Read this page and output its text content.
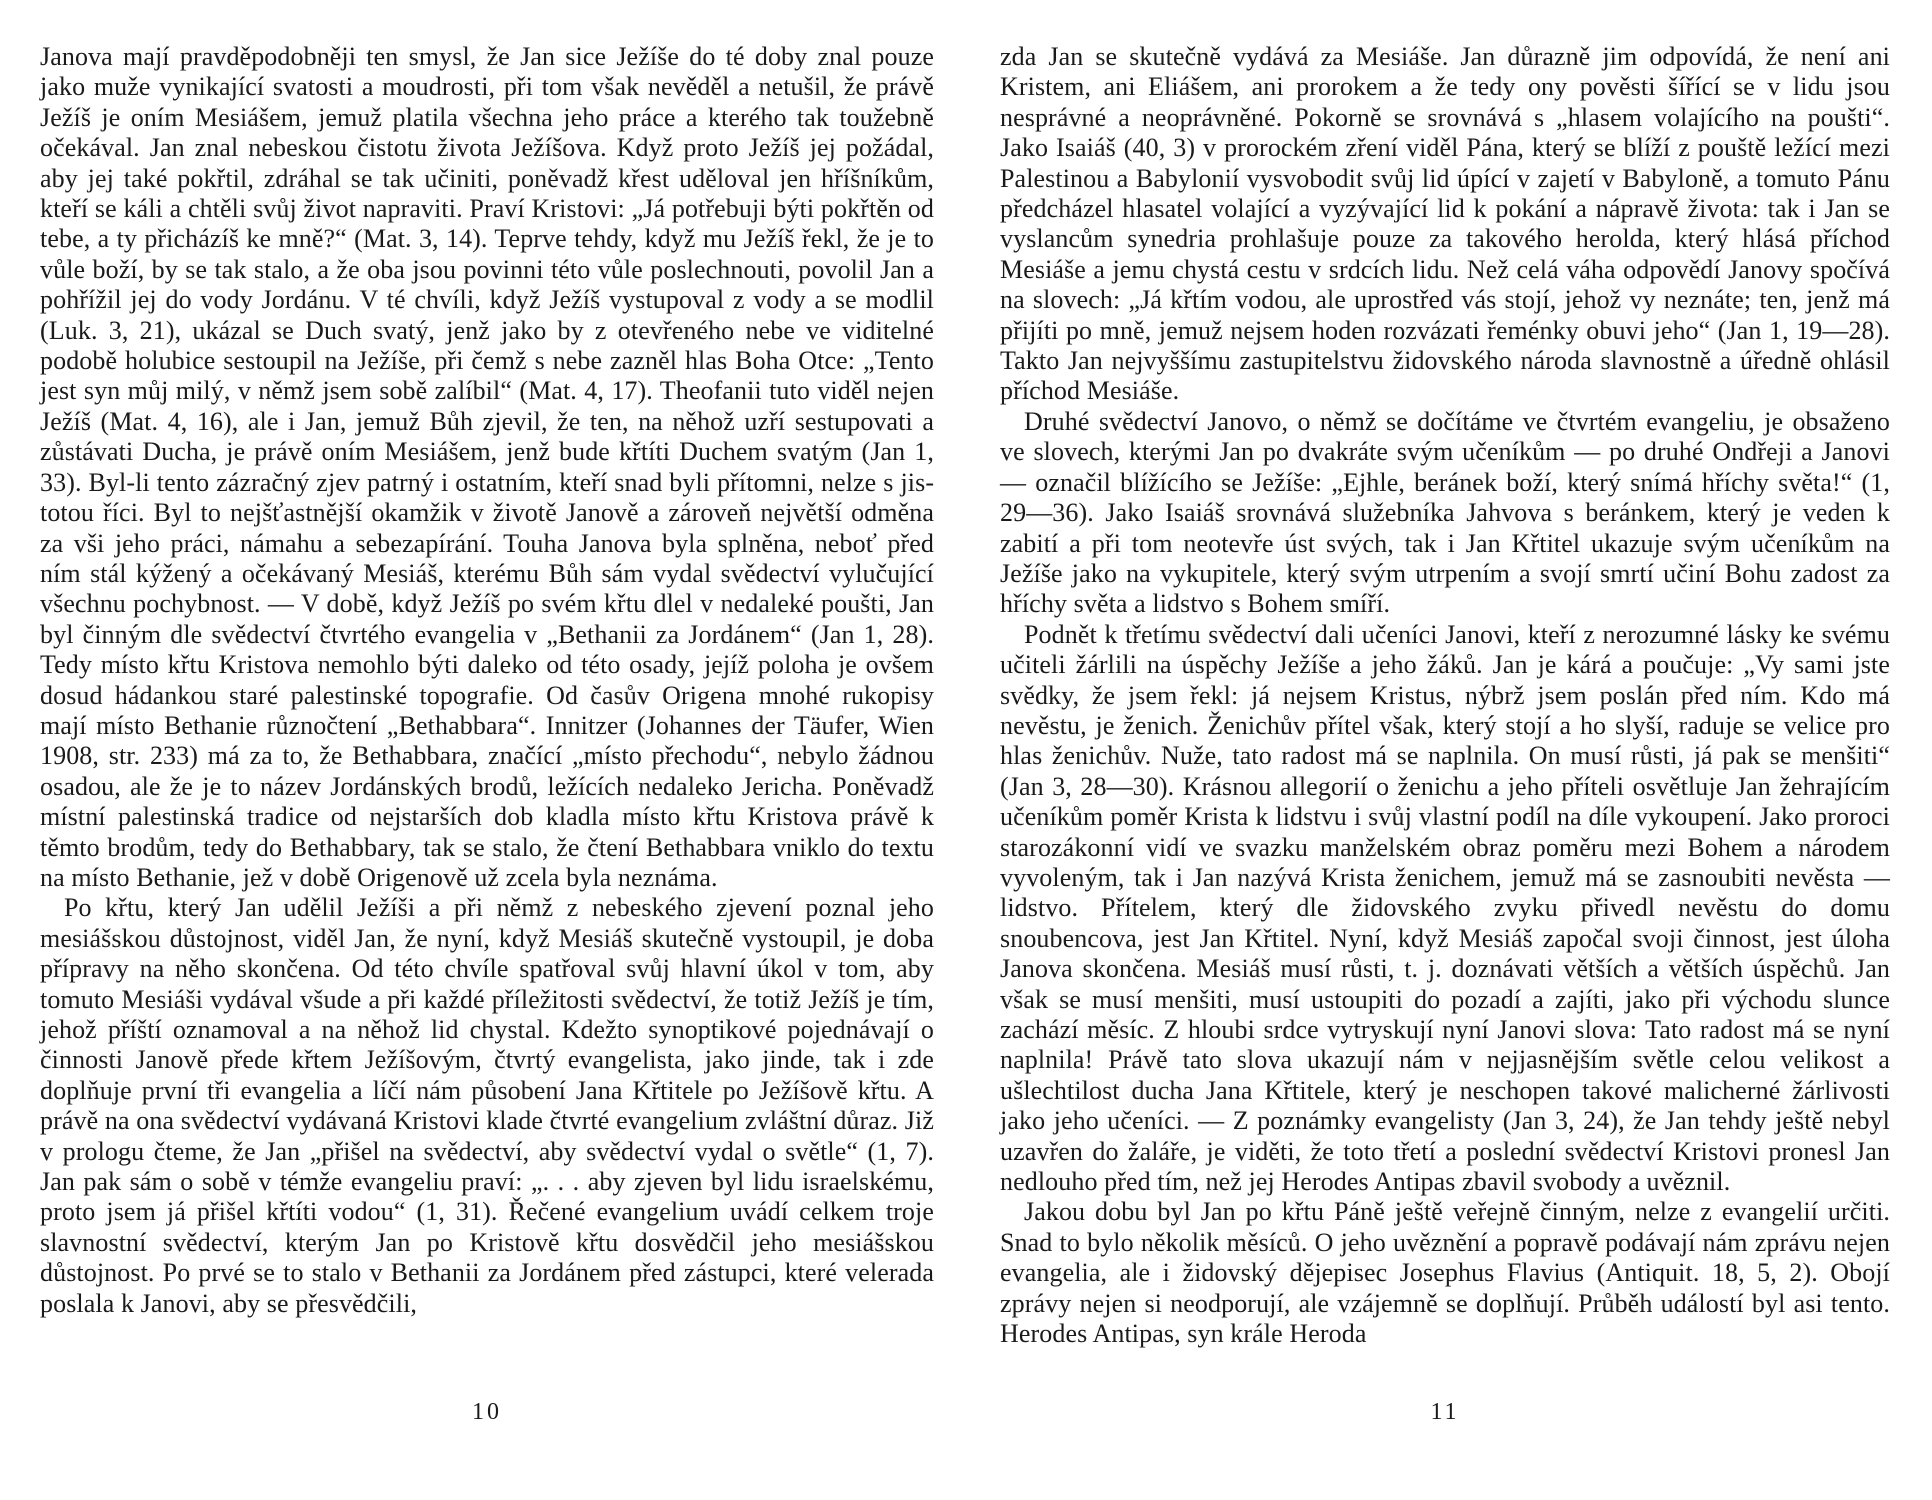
Janova mají pravděpodobněji ten smysl, že Jan sice Ježíše do té doby znal pouze jako muže vynikající svatosti a moudrosti, při tom však nevěděl a netušil, že právě Ježíš je oním Mesiášem, jemuž platila všechna jeho práce a kterého tak toužebně očekával. Jan znal nebeskou čistotu života Ježíšova. Když proto Ježíš jej požádal, aby jej také pokřtil, zdráhal se tak učiniti, poněvadž křest uděloval jen hříšníkům, kteří se káli a chtěli svůj život napraviti. Praví Kristovi: „Já potřebuji býti pokřtěn od tebe, a ty přicházíš ke mně?“ (Mat. 3, 14). Teprve tehdy, když mu Ježíš řekl, že je to vůle boží, by se tak stalo, a že oba jsou povinni této vůle poslechnouti, povolil Jan a pohřížil jej do vody Jordánu. V té chvíli, když Ježíš vystupoval z vody a se modlil (Luk. 3, 21), ukázal se Duch svatý, jenž jako by z otevřeného nebe ve viditelné podobě holubice sestoupil na Ježíše, při čemž s nebe zazněl hlas Boha Otce: „Tento jest syn můj milý, v němž jsem sobě zalíbil“ (Mat. 4, 17). Theofanii tuto viděl nejen Ježíš (Mat. 4, 16), ale i Jan, jemuž Bůh zjevil, že ten, na něhož uzří sestupovati a zůstávati Ducha, je právě oním Mesiášem, jenž bude křtíti Duchem svatým (Jan 1, 33). Byl-li tento zázračný zjev patrný i ostatním, kteří snad byli přítomni, nelze s jistotou říci. Byl to nejšťastnější okamžik v životě Janově a zároveň největší odměna za vši jeho práci, námahu a sebezapírání. Touha Janova byla splněna, neboť před ním stál kýžený a očekávaný Mesiáš, kterému Bůh sám vydal svědectví vylučující všechnu pochybnost. — V době, když Ježíš po svém křtu dlel v nedaleké poušti, Jan byl činným dle svědectví čtvrtého evangelia v „Bethanii za Jordánem“ (Jan 1, 28). Tedy místo křtu Kristova nemohlo býti daleko od této osady, jejíž poloha je ovšem dosud hádankou staré palestinské topografie. Od časův Origena mnohé rukopisy mají místo Bethanie různočtení „Bethabbara“. Innitzer (Johannes der Täufer, Wien 1908, str. 233) má za to, že Bethabbara, značící „místo přechodu“, nebylo žádnou osadou, ale že je to název Jordánských brodů, ležících nedaleko Jericha. Poněvadž místní palestinská tradice od nejstarších dob kladla místo křtu Kristova právě k těmto brodům, tedy do Bethabbary, tak se stalo, že čtení Bethabbara vniklo do textu na místo Bethanie, jež v době Origenově už zcela byla neznáma.

Po křtu, který Jan udělil Ježíši a při němž z nebeského zjevení poznal jeho mesiášskou důstojnost, viděl Jan, že nyní, když Mesiáš skutečně vystoupil, je doba přípravy na něho skončena. Od této chvíle spatřoval svůj hlavní úkol v tom, aby tomuto Mesiáši vydával všude a při každé příležitosti svědectví, že totiž Ježíš je tím, jehož příští oznamoval a na něhož lid chystal. Kdežto synoptikové pojednávají o činnosti Janově přede křtem Ježíšovým, čtvrtý evangelista, jako jinde, tak i zde doplňuje první tři evangelia a líčí nám působení Jana Křtitele po Ježíšově křtu. A právě na ona svědectví vydávaná Kristovi klade čtvrté evangelium zvláštní důraz. Již v prologu čteme, že Jan „přišel na svědectví, aby svědectví vydal o světle“ (1, 7). Jan pak sám o sobě v témže evangeliu praví: „. . . aby zjeven byl lidu israelskému, proto jsem já přišel křtíti vodou“ (1, 31). Řečené evangelium uvádí celkem troje slavnostní svědectví, kterým Jan po Kristově křtu dosvědčil jeho mesiášskou důstojnost. Po prvé se to stalo v Bethanii za Jordánem před zástupci, které velerada poslala k Janovi, aby se přesvědčili,

10

zda Jan se skutečně vydává za Mesiáše. Jan důrazně jim odpovídá, že není ani Kristem, ani Eliášem, ani prorokem a že tedy ony pověsti šířící se v lidu jsou nesprávné a neoprávněné. Pokorně se srovnává s „hlasem volajícího na poušti“. Jako Isaiáš (40, 3) v prorockém zření viděl Pána, který se blíží z pouště ležící mezi Palestinou a Babylonií vysvobodit svůj lid úpící v zajetí v Babyloně, a tomuto Pánu předcházel hlasatel volající a vyzývající lid k pokání a nápravě života: tak i Jan se vyslancům synedria prohlašuje pouze za takového herolda, který hlásá příchod Mesiáše a jemu chystá cestu v srdcích lidu. Než celá váha odpovědí Janovy spočívá na slovech: „Já křtím vodou, ale uprostřed vás stojí, jehož vy neznáte; ten, jenž má přijíti po mně, jemuž nejsem hoden rozvázati řeménky obuvi jeho“ (Jan 1, 19—28). Takto Jan nejvyššímu zastupitelstvu židovského národa slavnostně a úředně ohlásil příchod Mesiáše.

Druhé svědectví Janovo, o němž se dočítáme ve čtvrtém evangeliu, je obsaženo ve slovech, kterými Jan po dvakráte svým učeníkům — po druhé Ondřeji a Janovi — označil blížícího se Ježíše: „Ejhle, beránek boží, který snímá hříchy světa!“ (1, 29—36). Jako Isaiáš srovnává služebníka Jahvova s beránkem, který je veden k zabití a při tom neotevře úst svých, tak i Jan Křtitel ukazuje svým učeníkům na Ježíše jako na vykupitele, který svým utrpením a svojí smrtí učiní Bohu zadost za hříchy světa a lidstvo s Bohem smíří.

Podnět k třetímu svědectví dali učeníci Janovi, kteří z nerozumné lásky ke svému učiteli žárlili na úspěchy Ježíše a jeho žáků. Jan je kárá a poučuje: „Vy sami jste svědky, že jsem řekl: já nejsem Kristus, nýbrž jsem poslán před ním. Kdo má nevěstu, je ženich. Ženichův přítel však, který stojí a ho slyší, raduje se velice pro hlas ženichův. Nuže, tato radost má se naplnila. On musí růsti, já pak se menšiti“ (Jan 3, 28—30). Krásnou allegorií o ženichu a jeho příteli osvětluje Jan žehrajícím učeníkům poměr Krista k lidstvu i svůj vlastní podíl na díle vykoupení. Jako proroci starozákonní vidí ve svazku manželském obraz poměru mezi Bohem a národem vyvoleným, tak i Jan nazývá Krista ženichem, jemuž má se zasnoubiti nevěsta — lidstvo. Přítelem, který dle židovského zvyku přivedl nevěstu do domu snoubencova, jest Jan Křtitel. Nyní, když Mesiáš započal svoji činnost, jest úloha Janova skončena. Mesiáš musí růsti, t. j. doznávati větších a větších úspěchů. Jan však se musí menšiti, musí ustoupiti do pozadí a zajíti, jako při východu slunce zachází měsíc. Z hloubi srdce vytryskují nyní Janovi slova: Tato radost má se nyní naplnila! Právě tato slova ukazují nám v nejjasnějším světle celou velikost a ušlechtilost ducha Jana Křtitele, který je neschopen takové malicherné žárlivosti jako jeho učeníci. — Z poznámky evangelisty (Jan 3, 24), že Jan tehdy ještě nebyl uzavřen do žaláře, je viděti, že toto třetí a poslední svědectví Kristovi pronesl Jan nedlouho před tím, než jej Herodes Antipas zbavil svobody a uvěznil.

Jakou dobu byl Jan po křtu Páně ještě veřejně činným, nelze z evangelií určiti. Snad to bylo několik měsíců. O jeho uvěznění a popravě podávají nám zprávu nejen evangelia, ale i židovský dějepisec Josephus Flavius (Antiquit. 18, 5, 2). Obojí zprávy nejen si neodporují, ale vzájemně se doplňují. Průběh událostí byl asi tento. Herodes Antipas, syn krále Heroda

11
